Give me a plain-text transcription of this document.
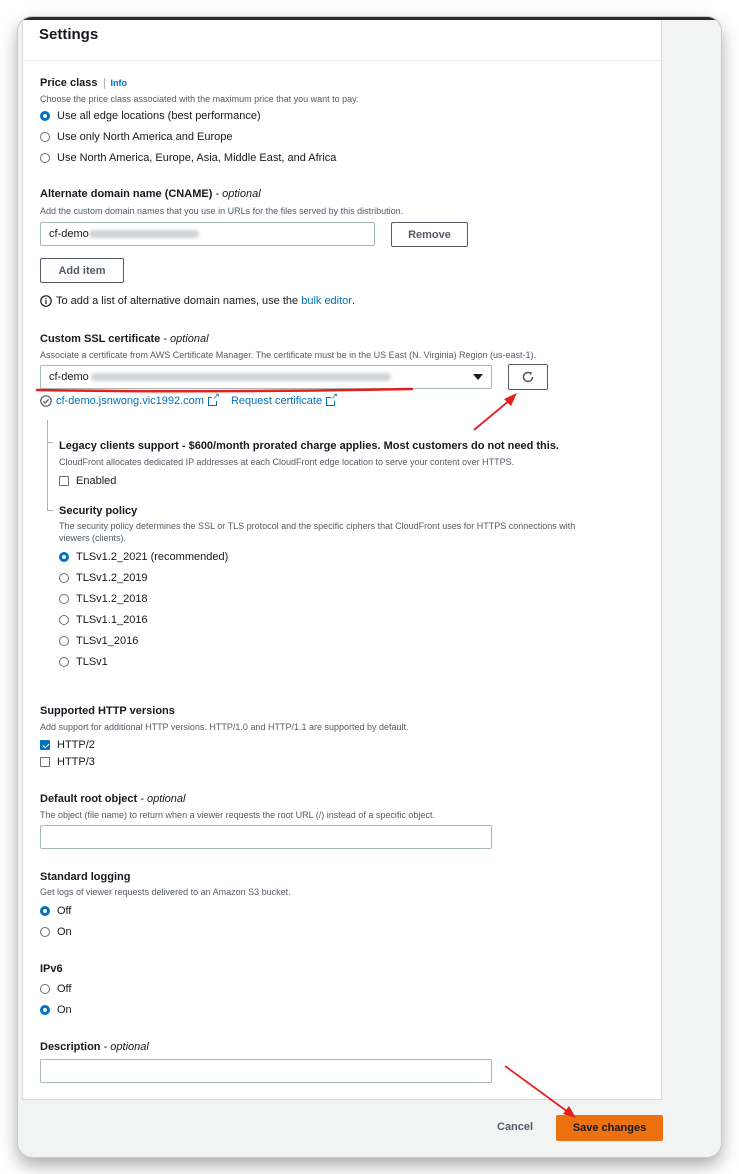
Settings
Price class Info
Choose the price class associated with the maximum price that you want to pay.
Use all edge locations (best performance)
Use only North America and Europe
Use North America, Europe, Asia, Middle East, and Africa
Alternate domain name (CNAME) - optional
Add the custom domain names that you use in URLs for the files served by this distribution.
cf-demo	Remove
Add item
To add a list of alternative domain names, use the
bulk editor .
Custom SSL certificate - optional
Associate a certificate from AWS Certificate Manager. The certificate must be in the US East (N. Virginia) Region (us-east-1).
cf-demo
cf-demo.jsnwong.vic1992.com
↗ Request certificate
↗
Legacy clients support - $600/month prorated charge applies. Most customers do not need this.
CloudFront allocates dedicated IP addresses at each CloudFront edge location to serve your content over HTTPS.
Enabled
Security policy
The security policy determines the SSL or TLS protocol and the specific ciphers that CloudFront uses for HTTPS connections with
viewers (clients).
TLSv1.2_2021 (recommended)
TLSv1.2_2019
TLSv1.2_2018
TLSv1.1_2016
TLSv1_2016
TLSv1
Supported HTTP versions
Add support for additional HTTP versions. HTTP/1.0 and HTTP/1.1 are supported by default.
HTTP/2
HTTP/3
Default root object - optional
The object (file name) to return when a viewer requests the root URL (/) instead of a specific object.
Standard logging
Get logs of viewer requests delivered to an Amazon S3 bucket.
Off
On
IPv6
Off
On
Description - optional
Cancel	Save changes
